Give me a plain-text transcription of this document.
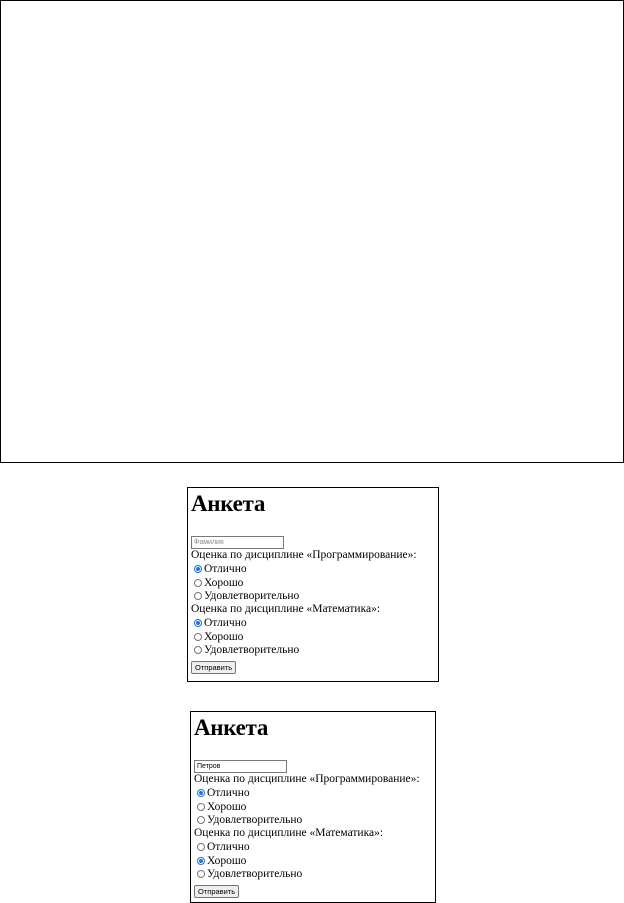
Анкета
Фамилия
Оценка по дисциплине «Программирование»:
Отлично
Хорошо
Удовлетворительно
Оценка по дисциплине «Математика»:
Отлично
Хорошо
Удовлетворительно
Отправить
Анкета
Петров
Оценка по дисциплине «Программирование»:
Отлично
Хорошо
Удовлетворительно
Оценка по дисциплине «Математика»:
Отлично
Хорошо
Удовлетворительно
Отправить
